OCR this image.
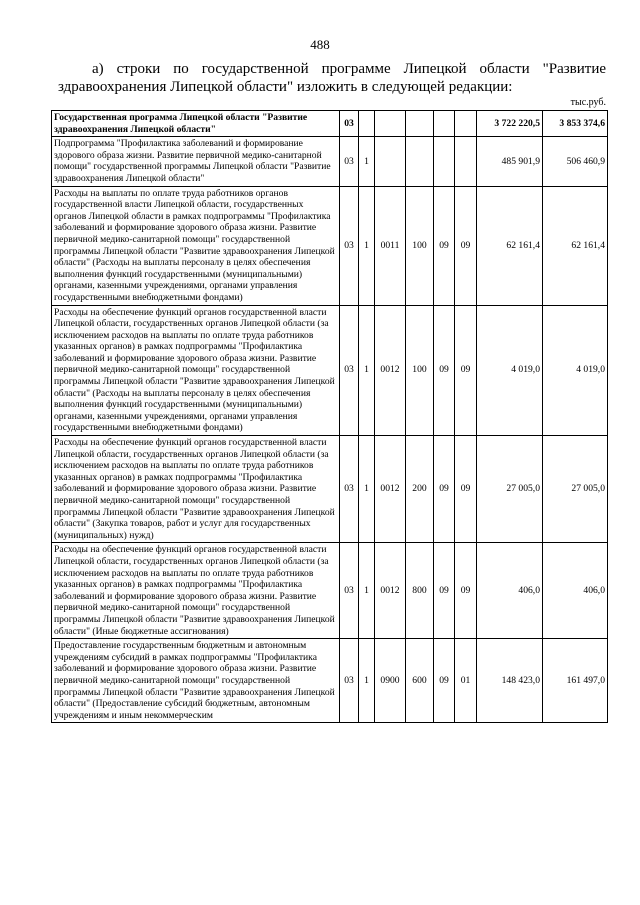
488
а) строки по государственной программе Липецкой области "Развитие здравоохранения Липецкой области" изложить в следующей редакции:
тыс.руб.
Государственная программа Липецкой области "Развитие здравоохранения Липецкой области"	03						3 722 220,5	3 853 374,6
Подпрограмма "Профилактика заболеваний и формирование здорового образа жизни. Развитие первичной медико-санитарной помощи" государственной программы Липецкой области "Развитие здравоохранения Липецкой области"	03	1					485 901,9	506 460,9
Расходы на выплаты по оплате труда работников органов государственной власти Липецкой области, государственных органов Липецкой области в рамках подпрограммы "Профилактика заболеваний и формирование здорового образа жизни. Развитие первичной медико-санитарной помощи" государственной программы Липецкой области "Развитие здравоохранения Липецкой области" (Расходы на выплаты персоналу в целях обеспечения выполнения функций государственными (муниципальными) органами, казенными учреждениями, органами управления государственными внебюджетными фондами)	03	1	0011	100	09	09	62 161,4	62 161,4
Расходы на обеспечение функций органов государственной власти Липецкой области, государственных органов Липецкой области (за исключением расходов на выплаты по оплате труда работников указанных органов) в рамках подпрограммы "Профилактика заболеваний и формирование здорового образа жизни. Развитие первичной медико-санитарной помощи" государственной программы Липецкой области "Развитие здравоохранения Липецкой области" (Расходы на выплаты персоналу в целях обеспечения выполнения функций государственными (муниципальными) органами, казенными учреждениями, органами управления государственными внебюджетными фондами)	03	1	0012	100	09	09	4 019,0	4 019,0
Расходы на обеспечение функций органов государственной власти Липецкой области, государственных органов Липецкой области (за исключением расходов на выплаты по оплате труда работников указанных органов) в рамках подпрограммы "Профилактика заболеваний и формирование здорового образа жизни. Развитие первичной медико-санитарной помощи" государственной программы Липецкой области "Развитие здравоохранения Липецкой области" (Закупка товаров, работ и услуг для государственных (муниципальных) нужд)	03	1	0012	200	09	09	27 005,0	27 005,0
Расходы на обеспечение функций органов государственной власти Липецкой области, государственных органов Липецкой области (за исключением расходов на выплаты по оплате труда работников указанных органов) в рамках подпрограммы "Профилактика заболеваний и формирование здорового образа жизни. Развитие первичной медико-санитарной помощи" государственной программы Липецкой области "Развитие здравоохранения Липецкой области" (Иные бюджетные ассигнования)	03	1	0012	800	09	09	406,0	406,0
Предоставление государственным бюджетным и автономным учреждениям субсидий в рамках подпрограммы "Профилактика заболеваний и формирование здорового образа жизни. Развитие первичной медико-санитарной помощи" государственной программы Липецкой области "Развитие здравоохранения Липецкой области" (Предоставление субсидий бюджетным, автономным учреждениям и иным некоммерческим	03	1	0900	600	09	01	148 423,0	161 497,0
